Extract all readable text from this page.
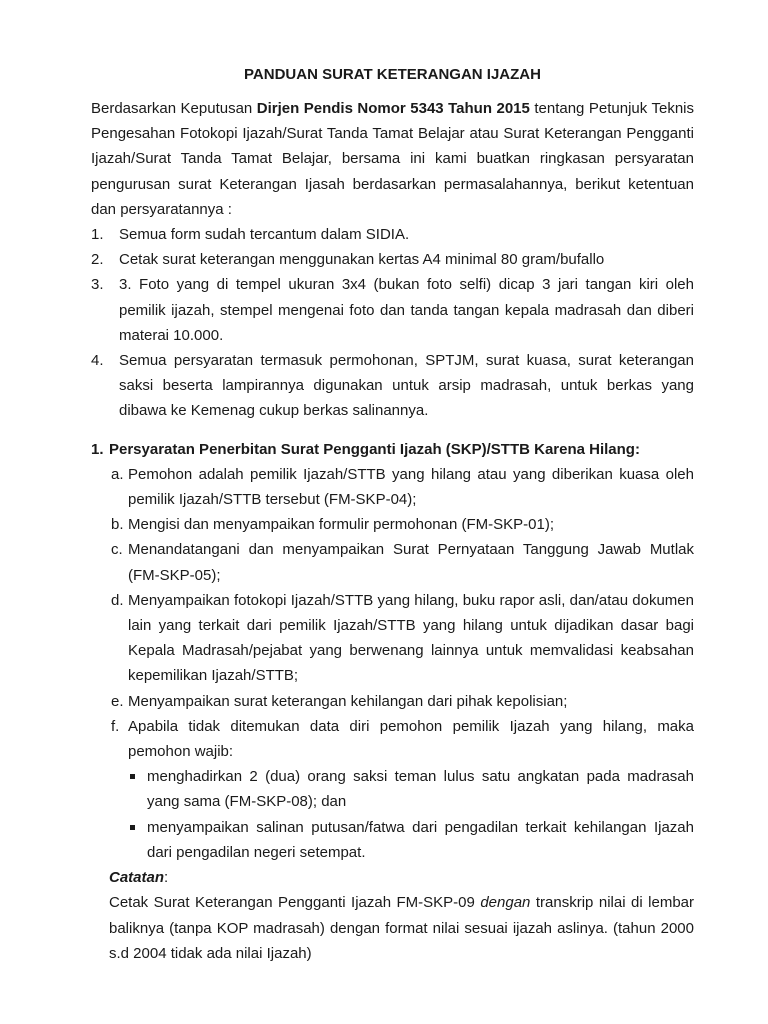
PANDUAN SURAT KETERANGAN IJAZAH

Berdasarkan Keputusan Dirjen Pendis Nomor 5343 Tahun 2015 tentang Petunjuk Teknis Pengesahan Fotokopi Ijazah/Surat Tanda Tamat Belajar atau Surat Keterangan Pengganti Ijazah/Surat Tanda Tamat Belajar, bersama ini kami buatkan ringkasan persyaratan pengurusan surat Keterangan Ijasah berdasarkan permasalahannya, berikut ketentuan dan persyaratannya :

1. Semua form sudah tercantum dalam SIDIA.
2. Cetak surat keterangan menggunakan kertas A4 minimal 80 gram/bufallo
3. 3. Foto yang di tempel ukuran 3x4 (bukan foto selfi) dicap 3 jari tangan kiri oleh pemilik ijazah, stempel mengenai foto dan tanda tangan kepala madrasah dan diberi materai 10.000.
4. Semua persyaratan termasuk permohonan, SPTJM, surat kuasa, surat keterangan saksi beserta lampirannya digunakan untuk arsip madrasah, untuk berkas yang dibawa ke Kemenag cukup berkas salinannya.
1. Persyaratan Penerbitan Surat Pengganti Ijazah (SKP)/STTB Karena Hilang:
a. Pemohon adalah pemilik Ijazah/STTB yang hilang atau yang diberikan kuasa oleh pemilik Ijazah/STTB tersebut (FM-SKP-04);
b. Mengisi dan menyampaikan formulir permohonan (FM-SKP-01);
c. Menandatangani dan menyampaikan Surat Pernyataan Tanggung Jawab Mutlak (FM-SKP-05);
d. Menyampaikan fotokopi Ijazah/STTB yang hilang, buku rapor asli, dan/atau dokumen lain yang terkait dari pemilik Ijazah/STTB yang hilang untuk dijadikan dasar bagi Kepala Madrasah/pejabat yang berwenang lainnya untuk memvalidasi keabsahan kepemilikan Ijazah/STTB;
e. Menyampaikan surat keterangan kehilangan dari pihak kepolisian;
f. Apabila tidak ditemukan data diri pemohon pemilik Ijazah yang hilang, maka pemohon wajib:
menghadirkan 2 (dua) orang saksi teman lulus satu angkatan pada madrasah yang sama (FM-SKP-08); dan
menyampaikan salinan putusan/fatwa dari pengadilan terkait kehilangan Ijazah dari pengadilan negeri setempat.
Catatan:
Cetak Surat Keterangan Pengganti Ijazah FM-SKP-09 dengan transkrip nilai di lembar baliknya (tanpa KOP madrasah) dengan format nilai sesuai ijazah aslinya. (tahun 2000 s.d 2004 tidak ada nilai Ijazah)
